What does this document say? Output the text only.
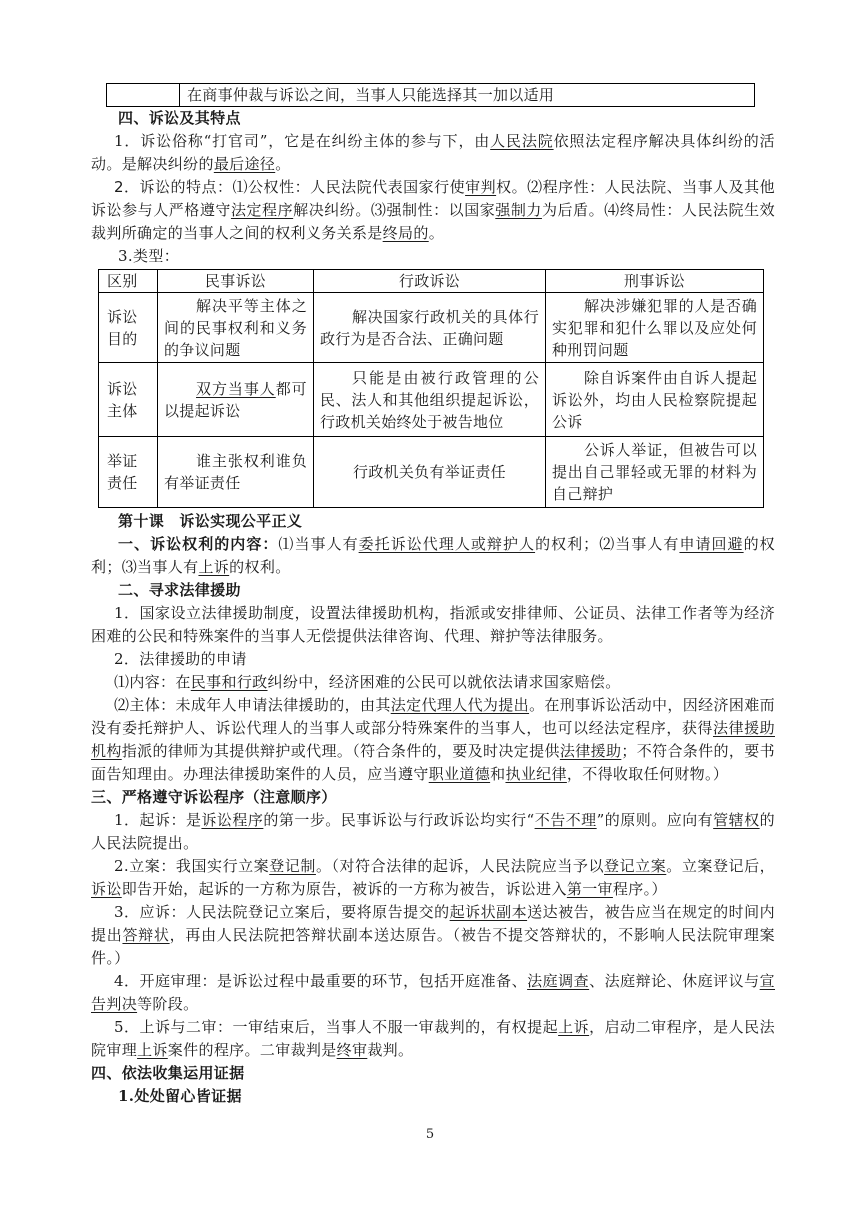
	在商事仲裁与诉讼之间，当事人只能选择其一加以适用

四、诉讼及其特点

1．诉讼俗称“打官司”，它是在纠纷主体的参与下，由人民法院依照法定程序解决具体纠纷的活动。是解决纠纷的最后途径。

2．诉讼的特点：⑴公权性：人民法院代表国家行使审判权。⑵程序性：人民法院、当事人及其他诉讼参与人严格遵守法定程序解决纠纷。⑶强制性：以国家强制力为后盾。⑷终局性：人民法院生效裁判所确定的当事人之间的权利义务关系是终局的。

3.类型：

区别	民事诉讼	行政诉讼	刑事诉讼
诉讼目的	解决平等主体之间的民事权利和义务的争议问题	解决国家行政机关的具体行政行为是否合法、正确问题	解决涉嫌犯罪的人是否确实犯罪和犯什么罪以及应处何种刑罚问题
诉讼主体	双方当事人都可以提起诉讼	只能是由被行政管理的公民、法人和其他组织提起诉讼，行政机关始终处于被告地位	除自诉案件由自诉人提起诉讼外，均由人民检察院提起公诉
举证责任	谁主张权利谁负有举证责任	行政机关负有举证责任	公诉人举证，但被告可以提出自己罪轻或无罪的材料为自己辩护

第十课　诉讼实现公平正义

一、诉讼权利的内容：⑴当事人有委托诉讼代理人或辩护人的权利；⑵当事人有申请回避的权利；⑶当事人有上诉的权利。

二、寻求法律援助

1．国家设立法律援助制度，设置法律援助机构，指派或安排律师、公证员、法律工作者等为经济困难的公民和特殊案件的当事人无偿提供法律咨询、代理、辩护等法律服务。

2．法律援助的申请

⑴内容：在民事和行政纠纷中，经济困难的公民可以就依法请求国家赔偿。

⑵主体：未成年人申请法律援助的，由其法定代理人代为提出。在刑事诉讼活动中，因经济困难而没有委托辩护人、诉讼代理人的当事人或部分特殊案件的当事人，也可以经法定程序，获得法律援助机构指派的律师为其提供辩护或代理。（符合条件的，要及时决定提供法律援助；不符合条件的，要书面告知理由。办理法律援助案件的人员，应当遵守职业道德和执业纪律，不得收取任何财物。）

三、严格遵守诉讼程序（注意顺序）

1．起诉：是诉讼程序的第一步。民事诉讼与行政诉讼均实行“不告不理”的原则。应向有管辖权的人民法院提出。

2.立案：我国实行立案登记制。（对符合法律的起诉，人民法院应当予以登记立案。立案登记后，诉讼即告开始，起诉的一方称为原告，被诉的一方称为被告，诉讼进入第一审程序。）

3．应诉：人民法院登记立案后，要将原告提交的起诉状副本送达被告，被告应当在规定的时间内提出答辩状，再由人民法院把答辩状副本送达原告。（被告不提交答辩状的，不影响人民法院审理案件。）

4．开庭审理：是诉讼过程中最重要的环节，包括开庭准备、法庭调查、法庭辩论、休庭评议与宣告判决等阶段。

5．上诉与二审：一审结束后，当事人不服一审裁判的，有权提起上诉，启动二审程序，是人民法院审理上诉案件的程序。二审裁判是终审裁判。

四、依法收集运用证据

1.处处留心皆证据

5
